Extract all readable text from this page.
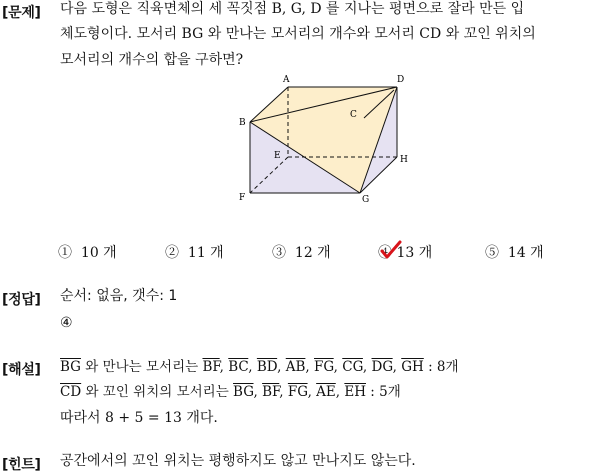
[문제] 다음 도형은 직육면체의 세 꼭짓점 B, G, D 를 지나는 평면으로 잘라 만든 입
체도형이다. 모서리 BG 와 만나는 모서리의 개수와 모서리 CD 와 꼬인 위치의
모서리의 개수의 합을 구하면?
A
B
C
D
E
F	G
H
① 10 개	② 11 개	③ 12 개	④ 13 개	⑤ 14 개
[정답] 순서: 없음, 갯수: 1
④
[해설] $\overline{BG}$ 와 만나는 모서리는 $\overline{BF}$, $\overline{BC}$, $\overline{BD}$, $\overline{AB}$, $\overline{FG}$, $\overline{CG}$, $\overline{DG}$, $\overline{GH}$ : 8개
$\overline{CD}$ 와 꼬인 위치의 모서리는 $\overline{BG}$, $\overline{BF}$, $\overline{FG}$, $\overline{AE}$, $\overline{EH}$ : 5개
따라서 8 + 5 = 13 개다.
[힌트] 공간에서의 꼬인 위치는 평행하지도 않고 만나지도 않는다.
